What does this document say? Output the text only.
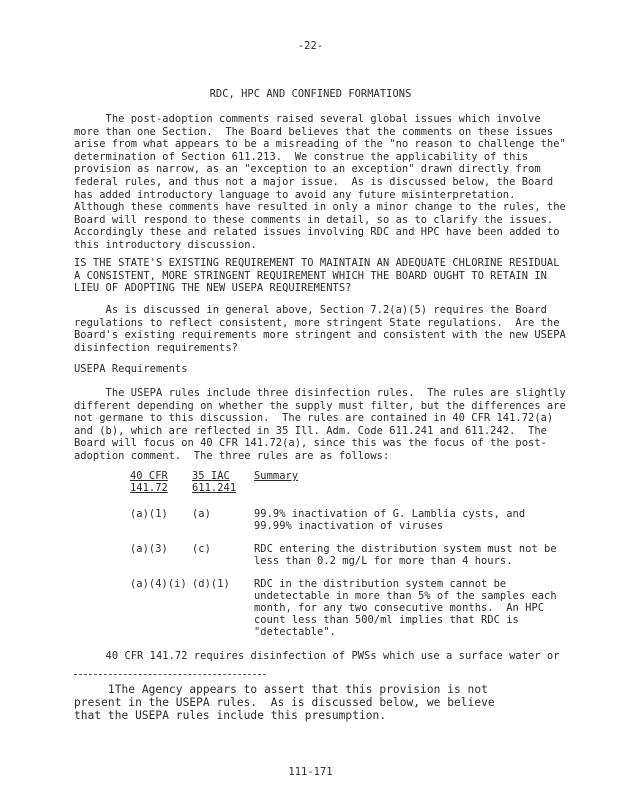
-22-
RDC, HPC AND CONFINED FORMATIONS
The post-adoption comments raised several global issues which involve
more than one Section.  The Board believes that the comments on these issues
arise from what appears to be a misreading of the "no reason to challenge the"
determination of Section 611.213.  We construe the applicability of this
provision as narrow, as an "exception to an exception" drawn directly from
federal rules, and thus not a major issue.  As is discussed below, the Board
has added introductory language to avoid any future misinterpretation.
Although these comments have resulted in only a minor change to the rules, the
Board will respond to these comments in detail, so as to clarify the issues.
Accordingly these and related issues involving RDC and HPC have been added to
this introductory discussion.
IS THE STATE'S EXISTING REQUIREMENT TO MAINTAIN AN ADEQUATE CHLORINE RESIDUAL
A CONSISTENT, MORE STRINGENT REQUIREMENT WHICH THE BOARD OUGHT TO RETAIN IN
LIEU OF ADOPTING THE NEW USEPA REQUIREMENTS?
As is discussed in general above, Section 7.2(a)(5) requires the Board
regulations to reflect consistent, more stringent State regulations.  Are the
Board's existing requirements more stringent and consistent with the new USEPA
disinfection requirements?
USEPA Requirements
The USEPA rules include three disinfection rules.  The rules are slightly
different depending on whether the supply must filter, but the differences are
not germane to this discussion.  The rules are contained in 40 CFR 141.72(a)
and (b), which are reflected in 35 Ill. Adm. Code 611.241 and 611.242.  The
Board will focus on 40 CFR 141.72(a), since this was the focus of the post-
adoption comment.  The three rules are as follows:
40 CFR
141.72
35 IAC
611.241
Summary
(a)(1) (a)	99.9% inactivation of G. Lamblia cysts, and
99.99% inactivation of viruses
(a)(3) (c)	RDC entering the distribution system must not be
less than 0.2 mg/L for more than 4 hours.
(a)(4)(i) (d)(1) RDC in the distribution system cannot be
undetectable in more than 5% of the samples each
month, for any two consecutive months.  An HPC
count less than 500/ml implies that RDC is
"detectable".
40 CFR 141.72 requires disinfection of PWSs which use a surface water or
1The Agency appears to assert that this provision is not
present in the USEPA rules.  As is discussed below, we believe
that the USEPA rules include this presumption.
111-171
